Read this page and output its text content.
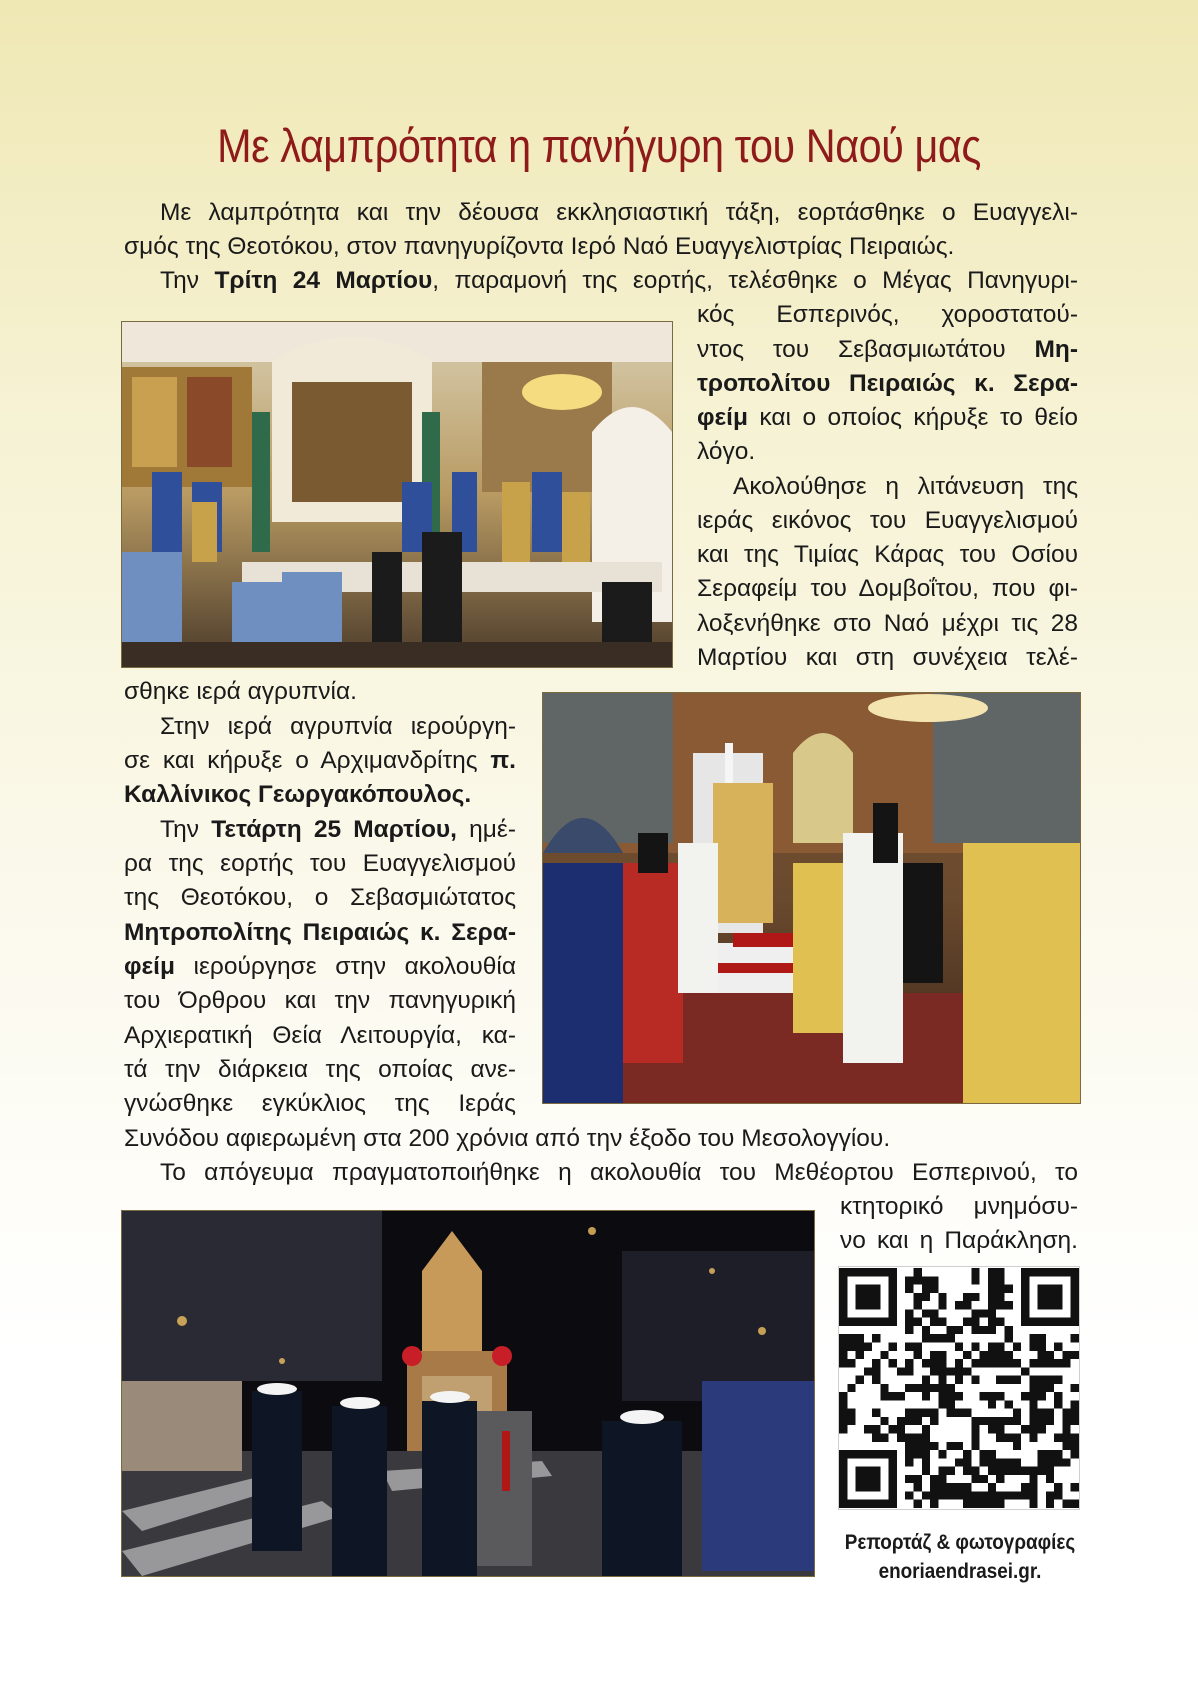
Με λαμπρότητα η πανήγυρη του Ναού μας
Με λαμπρότητα και την δέουσα εκκλησιαστική τάξη, εορτάσθηκε ο Ευαγγελι-
σμός της Θεοτόκου, στον πανηγυρίζοντα Ιερό Ναό Ευαγγελιστρίας Πειραιώς.
Την Τρίτη 24 Μαρτίου, παραμονή της εορτής, τελέσθηκε ο Μέγας Πανηγυρι-
κός Εσπερινός, χοροστατού-
ντος του Σεβασμιωτάτου Μη-
τροπολίτου Πειραιώς κ. Σερα-
φείμ και ο οποίος κήρυξε το θείο
λόγο.
Ακολούθησε η λιτάνευση της
ιεράς εικόνος του Ευαγγελισμού
και της Τιμίας Κάρας του Οσίου
Σεραφείμ του Δομβοΐτου, που φι-
λοξενήθηκε στο Ναό μέχρι τις 28
Μαρτίου και στη συνέχεια τελέ-
σθηκε ιερά αγρυπνία.
Στην ιερά αγρυπνία ιερούργη-
σε και κήρυξε ο Αρχιμανδρίτης π.
Καλλίνικος Γεωργακόπουλος.
Την Τετάρτη 25 Μαρτίου, ημέ-
ρα της εορτής του Ευαγγελισμού
της Θεοτόκου, ο Σεβασμιώτατος
Μητροπολίτης Πειραιώς κ. Σερα-
φείμ ιερούργησε στην ακολουθία
του Όρθρου και την πανηγυρική
Αρχιερατική Θεία Λειτουργία, κα-
τά την διάρκεια της οποίας ανε-
γνώσθηκε εγκύκλιος της Ιεράς
Συνόδου αφιερωμένη στα 200 χρόνια από την έξοδο του Μεσολογγίου.
Το απόγευμα πραγματοποιήθηκε η ακολουθία του Μεθέορτου Εσπερινού, το
κτητορικό μνημόσυ-
νο και η Παράκληση.
Ρεπορτάζ & φωτογραφίες
enoriaendrasei.gr.
